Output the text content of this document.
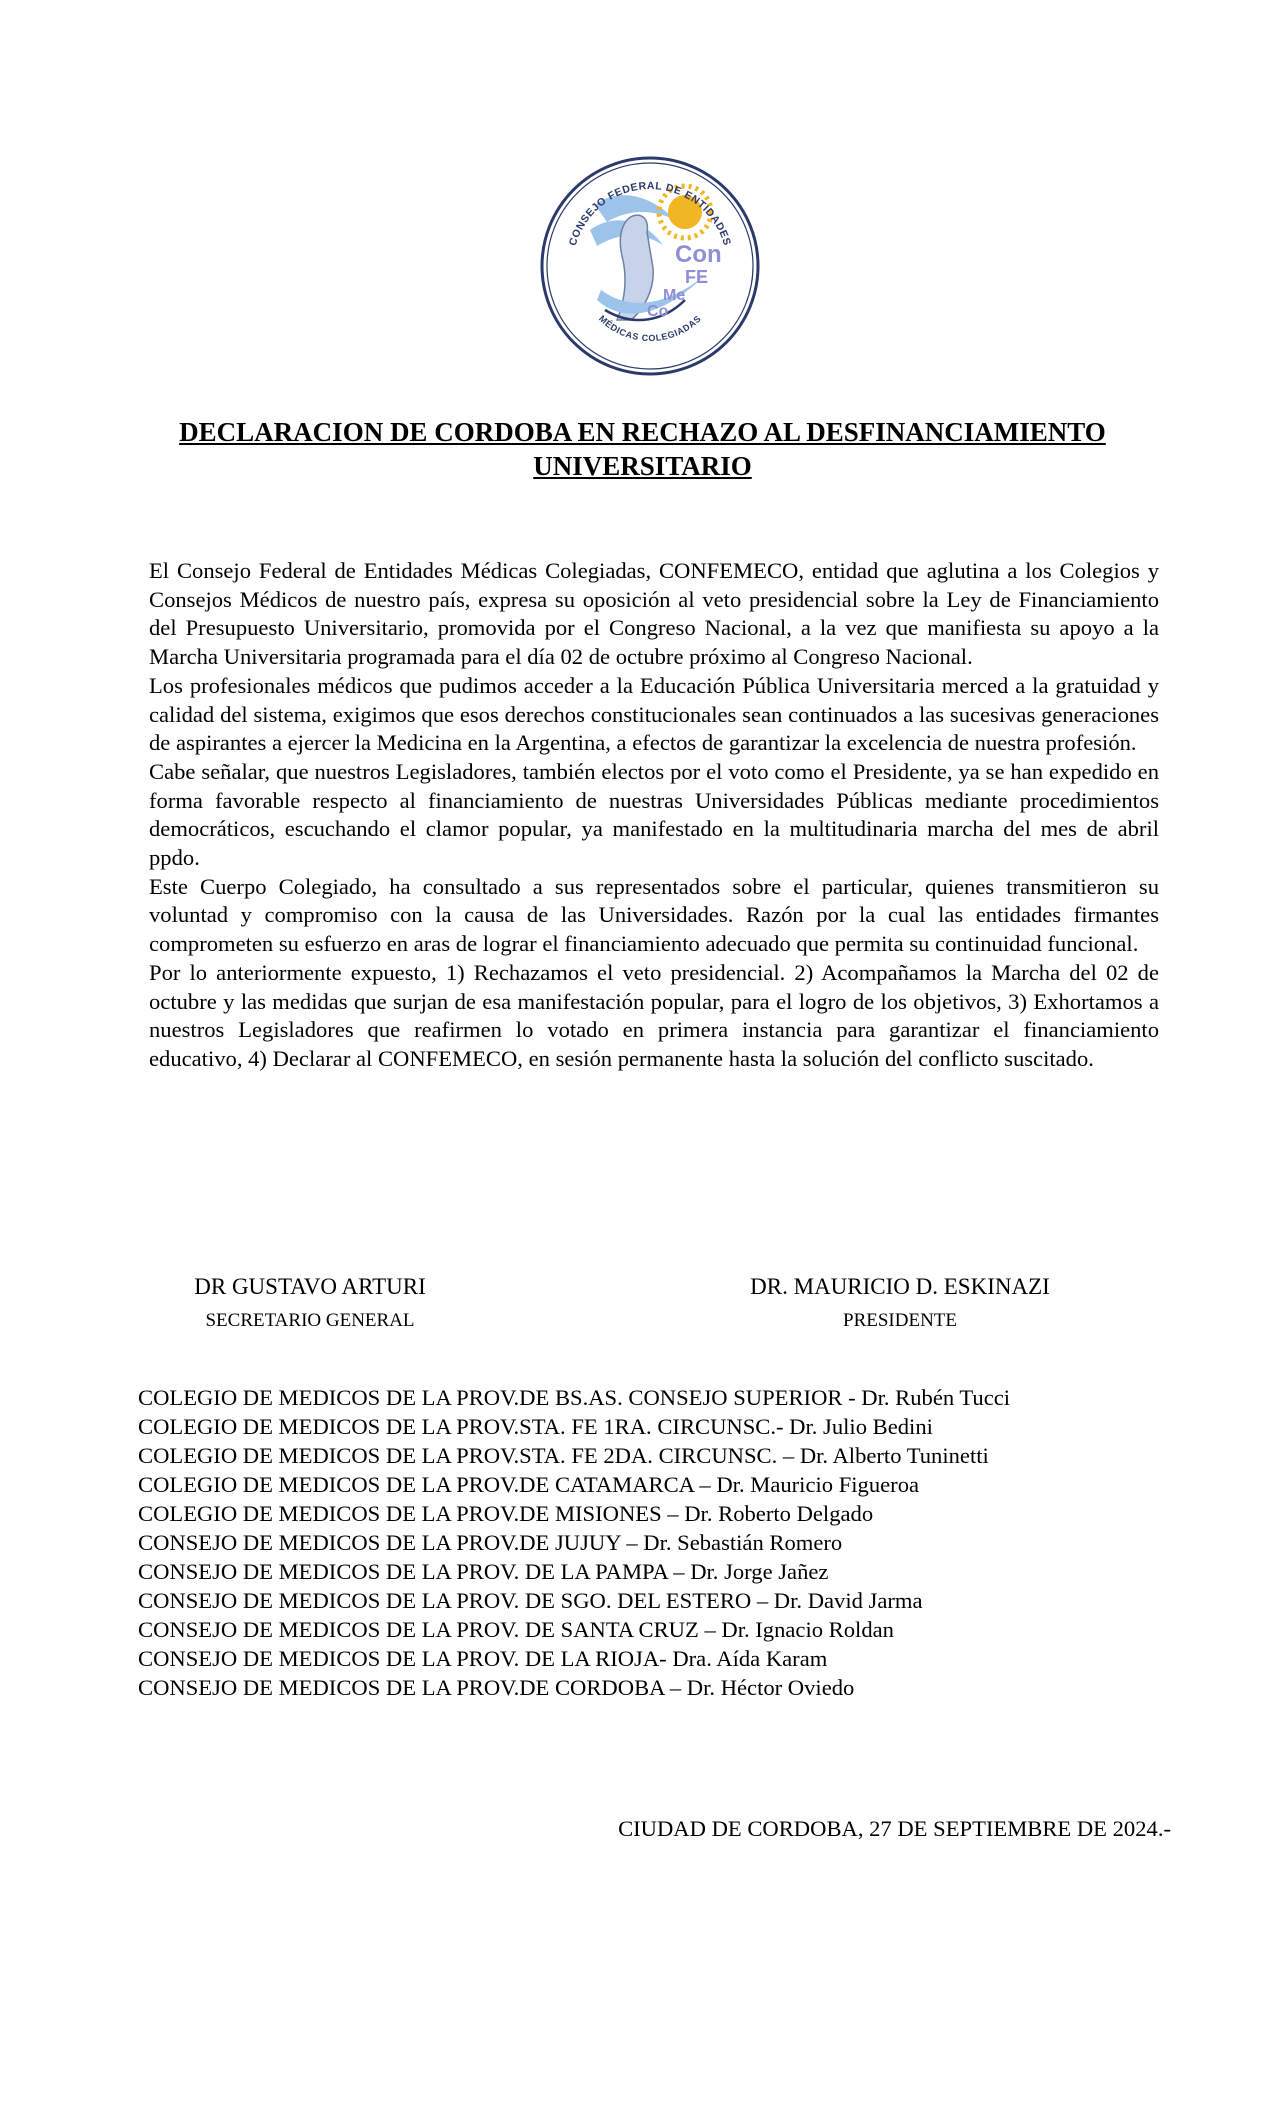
Con
FE
Me
Co
CONSEJO FEDERAL DE ENTIDADES
MÉDICAS COLEGIADAS
DECLARACION DE CORDOBA EN RECHAZO AL DESFINANCIAMIENTO
UNIVERSITARIO

El Consejo Federal de Entidades Médicas Colegiadas, CONFEMECO, entidad que aglutina a los Colegios y Consejos Médicos de nuestro país, expresa su oposición al veto presidencial sobre la Ley de Financiamiento del Presupuesto Universitario, promovida por el Congreso Nacional, a la vez que manifiesta su apoyo a la Marcha Universitaria programada para el día 02 de octubre próximo al Congreso Nacional.

Los profesionales médicos que pudimos acceder a la Educación Pública Universitaria merced a la gratuidad y calidad del sistema, exigimos que esos derechos constitucionales sean continuados a las sucesivas generaciones de aspirantes a ejercer la Medicina en la Argentina, a efectos de garantizar la excelencia de nuestra profesión.

Cabe señalar, que nuestros Legisladores, también electos por el voto como el Presidente, ya se han expedido en forma favorable respecto al financiamiento de nuestras Universidades Públicas mediante procedimientos democráticos, escuchando el clamor popular, ya manifestado en la multitudinaria marcha del mes de abril ppdo.

Este Cuerpo Colegiado, ha consultado a sus representados sobre el particular, quienes transmitieron su voluntad y compromiso con la causa de las Universidades. Razón por la cual las entidades firmantes comprometen su esfuerzo en aras de lograr el financiamiento adecuado que permita su continuidad funcional.

Por lo anteriormente expuesto, 1) Rechazamos el veto presidencial. 2) Acompañamos la Marcha del 02 de octubre y las medidas que surjan de esa manifestación popular, para el logro de los objetivos, 3) Exhortamos a nuestros Legisladores que reafirmen lo votado en primera instancia para garantizar el financiamiento educativo, 4) Declarar al CONFEMECO, en sesión permanente hasta la solución del conflicto suscitado.

DR GUSTAVO ARTURI
SECRETARIO GENERAL
DR. MAURICIO D. ESKINAZI
PRESIDENTE
COLEGIO DE MEDICOS DE LA PROV.DE BS.AS. CONSEJO SUPERIOR - Dr. Rubén Tucci
COLEGIO DE MEDICOS DE LA PROV.STA. FE 1RA. CIRCUNSC.- Dr. Julio Bedini
COLEGIO DE MEDICOS DE LA PROV.STA. FE 2DA. CIRCUNSC. – Dr. Alberto Tuninetti
COLEGIO DE MEDICOS DE LA PROV.DE CATAMARCA – Dr. Mauricio Figueroa
COLEGIO DE MEDICOS DE LA PROV.DE MISIONES – Dr. Roberto Delgado
CONSEJO DE MEDICOS DE LA PROV.DE JUJUY – Dr. Sebastián Romero
CONSEJO DE MEDICOS DE LA PROV. DE LA PAMPA – Dr. Jorge Jañez
CONSEJO DE MEDICOS DE LA PROV. DE SGO. DEL ESTERO – Dr. David Jarma
CONSEJO DE MEDICOS DE LA PROV. DE SANTA CRUZ – Dr. Ignacio Roldan
CONSEJO DE MEDICOS DE LA PROV. DE LA RIOJA- Dra. Aída Karam
CONSEJO DE MEDICOS DE LA PROV.DE CORDOBA – Dr. Héctor Oviedo
CIUDAD DE CORDOBA, 27 DE SEPTIEMBRE DE 2024.-
